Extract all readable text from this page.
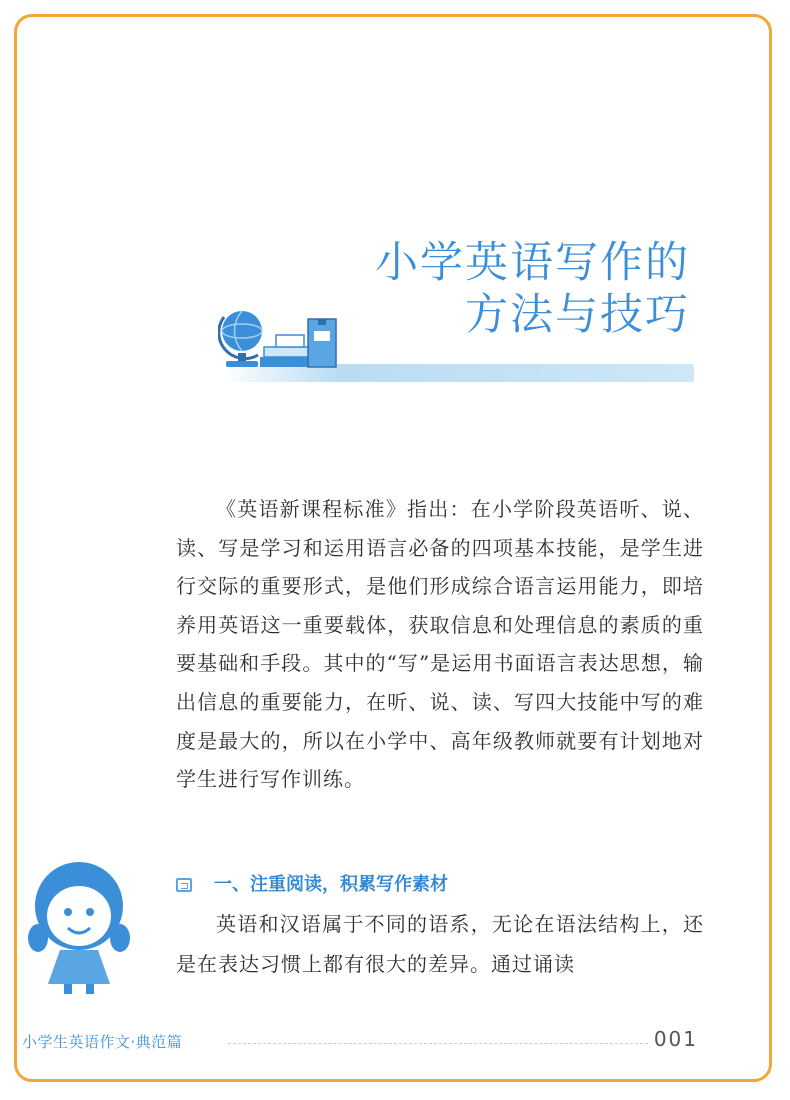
小学英语写作的
方法与技巧

《英语新课程标准》指出：在小学阶段英语听、说、读、写是学习和运用语言必备的四项基本技能，是学生进行交际的重要形式，是他们形成综合语言运用能力，即培养用英语这一重要载体，获取信息和处理信息的素质的重要基础和手段。其中的“写”是运用书面语言表达思想，输出信息的重要能力，在听、说、读、写四大技能中写的难度是最大的，所以在小学中、高年级教师就要有计划地对学生进行写作训练。

一、注重阅读，积累写作素材

英语和汉语属于不同的语系，无论在语法结构上，还是在表达习惯上都有很大的差异。通过诵读

小学生英语作文·典范篇	001
